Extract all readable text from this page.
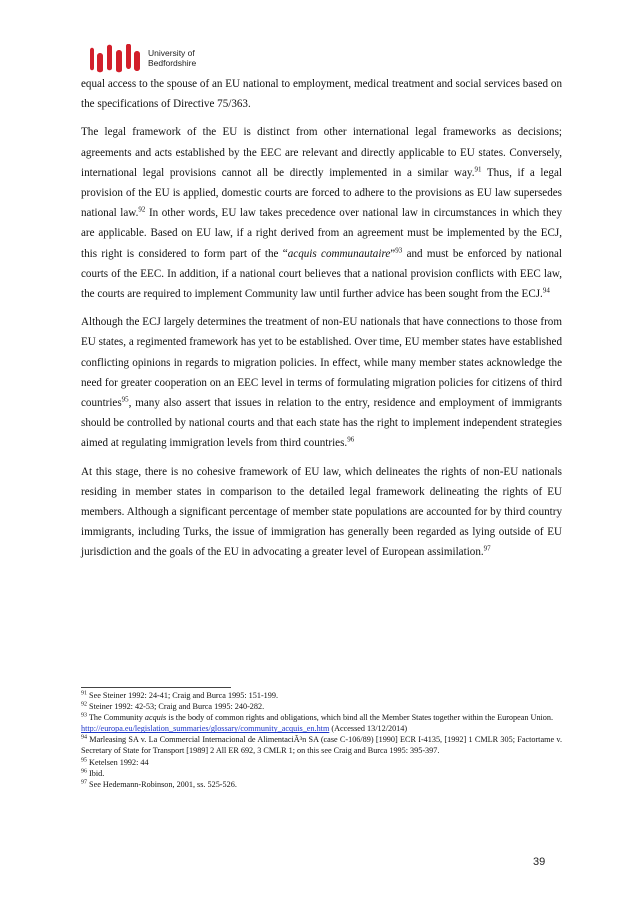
University of
Bedfordshire

equal access to the spouse of an EU national to employment, medical treatment and social services based on the specifications of Directive 75/363.

The legal framework of the EU is distinct from other international legal frameworks as decisions; agreements and acts established by the EEC are relevant and directly applicable to EU states. Conversely, international legal provisions cannot all be directly implemented in a similar way.$^{91}$ Thus, if a legal provision of the EU is applied, domestic courts are forced to adhere to the provisions as EU law supersedes national law.$^{92}$ In other words, EU law takes precedence over national law in circumstances in which they are applicable. Based on EU law, if a right derived from an agreement must be implemented by the ECJ, this right is considered to form part of the “acquis communautaire”$^{93}$ and must be enforced by national courts of the EEC. In addition, if a national court believes that a national provision conflicts with EEC law, the courts are required to implement Community law until further advice has been sought from the ECJ.$^{94}$

Although the ECJ largely determines the treatment of non-EU nationals that have connections to those from EU states, a regimented framework has yet to be established. Over time, EU member states have established conflicting opinions in regards to migration policies. In effect, while many member states acknowledge the need for greater cooperation on an EEC level in terms of formulating migration policies for citizens of third countries$^{95}$, many also assert that issues in relation to the entry, residence and employment of immigrants should be controlled by national courts and that each state has the right to implement independent strategies aimed at regulating immigration levels from third countries.$^{96}$

At this stage, there is no cohesive framework of EU law, which delineates the rights of non-EU nationals residing in member states in comparison to the detailed legal framework delineating the rights of EU members. Although a significant percentage of member state populations are accounted for by third country immigrants, including Turks, the issue of immigration has generally been regarded as lying outside of EU jurisdiction and the goals of the EU in advocating a greater level of European assimilation.$^{97}$

$^{91}$ See Steiner 1992: 24-41; Craig and Burca 1995: 151-199.
$^{92}$ Steiner 1992: 42-53; Craig and Burca 1995: 240-282.
$^{93}$ The Community acquis is the body of common rights and obligations, which bind all the Member States together within the European Union.
http://europa.eu/legislation_summaries/glossary/community_acquis_en.htm (Accessed 13/12/2014)
$^{94}$ Marleasing SA v. La Commercial Internacional de AlimentaciÃ³n SA (case C-106/89) [1990] ECR I-4135, [1992] 1 CMLR 305; Factortame v. Secretary of State for Transport [1989] 2 All ER 692, 3 CMLR 1; on this see Craig and Burca 1995: 395-397.
$^{95}$ Ketelsen 1992: 44
$^{96}$ Ibid.
$^{97}$ See Hedemann-Robinson, 2001, ss. 525-526.
39
